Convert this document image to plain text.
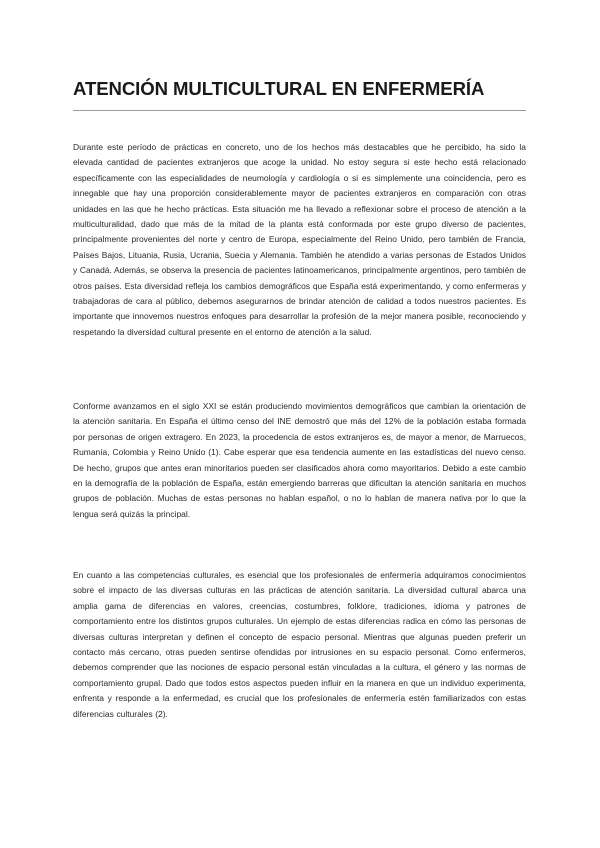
ATENCIÓN MULTICULTURAL EN ENFERMERÍA

Durante este período de prácticas en concreto, uno de los hechos más destacables que he percibido, ha sido la elevada cantidad de pacientes extranjeros que acoge la unidad. No estoy segura si este hecho está relacionado específicamente con las especialidades de neumología y cardiología o si es simplemente una coincidencia, pero es innegable que hay una proporción considerablemente mayor de pacientes extranjeros en comparación con otras unidades en las que he hecho prácticas. Esta situación me ha llevado a reflexionar sobre el proceso de atención a la multiculturalidad, dado que más de la mitad de la planta está conformada por este grupo diverso de pacientes, principalmente provenientes del norte y centro de Europa, especialmente del Reino Unido, pero también de Francia, Países Bajos, Lituania, Rusia, Ucrania, Suecia y Alemania. También he atendido a varias personas de Estados Unidos y Canadá. Además, se observa la presencia de pacientes latinoamericanos, principalmente argentinos, pero también de otros países. Esta diversidad refleja los cambios demográficos que España está experimentando, y como enfermeras y trabajadoras de cara al público, debemos asegurarnos de brindar atención de calidad a todos nuestros pacientes. Es importante que innovemos nuestros enfoques para desarrollar la profesión de la mejor manera posible, reconociendo y respetando la diversidad cultural presente en el entorno de atención a la salud.

Conforme avanzamos en el siglo XXI se están produciendo movimientos demográficos que cambian la orientación de la atención sanitaria. En España el último censo del INE demostró que más del 12% de la población estaba formada por personas de origen extragero. En 2023, la procedencia de estos extranjeros es, de mayor a menor, de Marruecos, Rumanía, Colombia y Reino Unido (1). Cabe esperar que esa tendencia aumente en las estadísticas del nuevo censo. De hecho, grupos que antes eran minoritarios pueden ser clasificados ahora como mayoritarios. Debido a este cambio en la demografía de la población de España, están emergiendo barreras que dificultan la atención sanitaria en muchos grupos de población. Muchas de estas personas no hablan español, o no lo hablan de manera nativa por lo que la lengua será quizás la principal.

En cuanto a las competencias culturales, es esencial que los profesionales de enfermería adquiramos conocimientos sobre el impacto de las diversas culturas en las prácticas de atención sanitaria. La diversidad cultural abarca una amplia gama de diferencias en valores, creencias, costumbres, folklore, tradiciones, idioma y patrones de comportamiento entre los distintos grupos culturales. Un ejemplo de estas diferencias radica en cómo las personas de diversas culturas interpretan y definen el concepto de espacio personal. Mientras que algunas pueden preferir un contacto más cercano, otras pueden sentirse ofendidas por intrusiones en su espacio personal. Como enfermeros, debemos comprender que las nociones de espacio personal están vinculadas a la cultura, el género y las normas de comportamiento grupal. Dado que todos estos aspectos pueden influir en la manera en que un individuo experimenta, enfrenta y responde a la enfermedad, es crucial que los profesionales de enfermería estén familiarizados con estas diferencias culturales (2).
